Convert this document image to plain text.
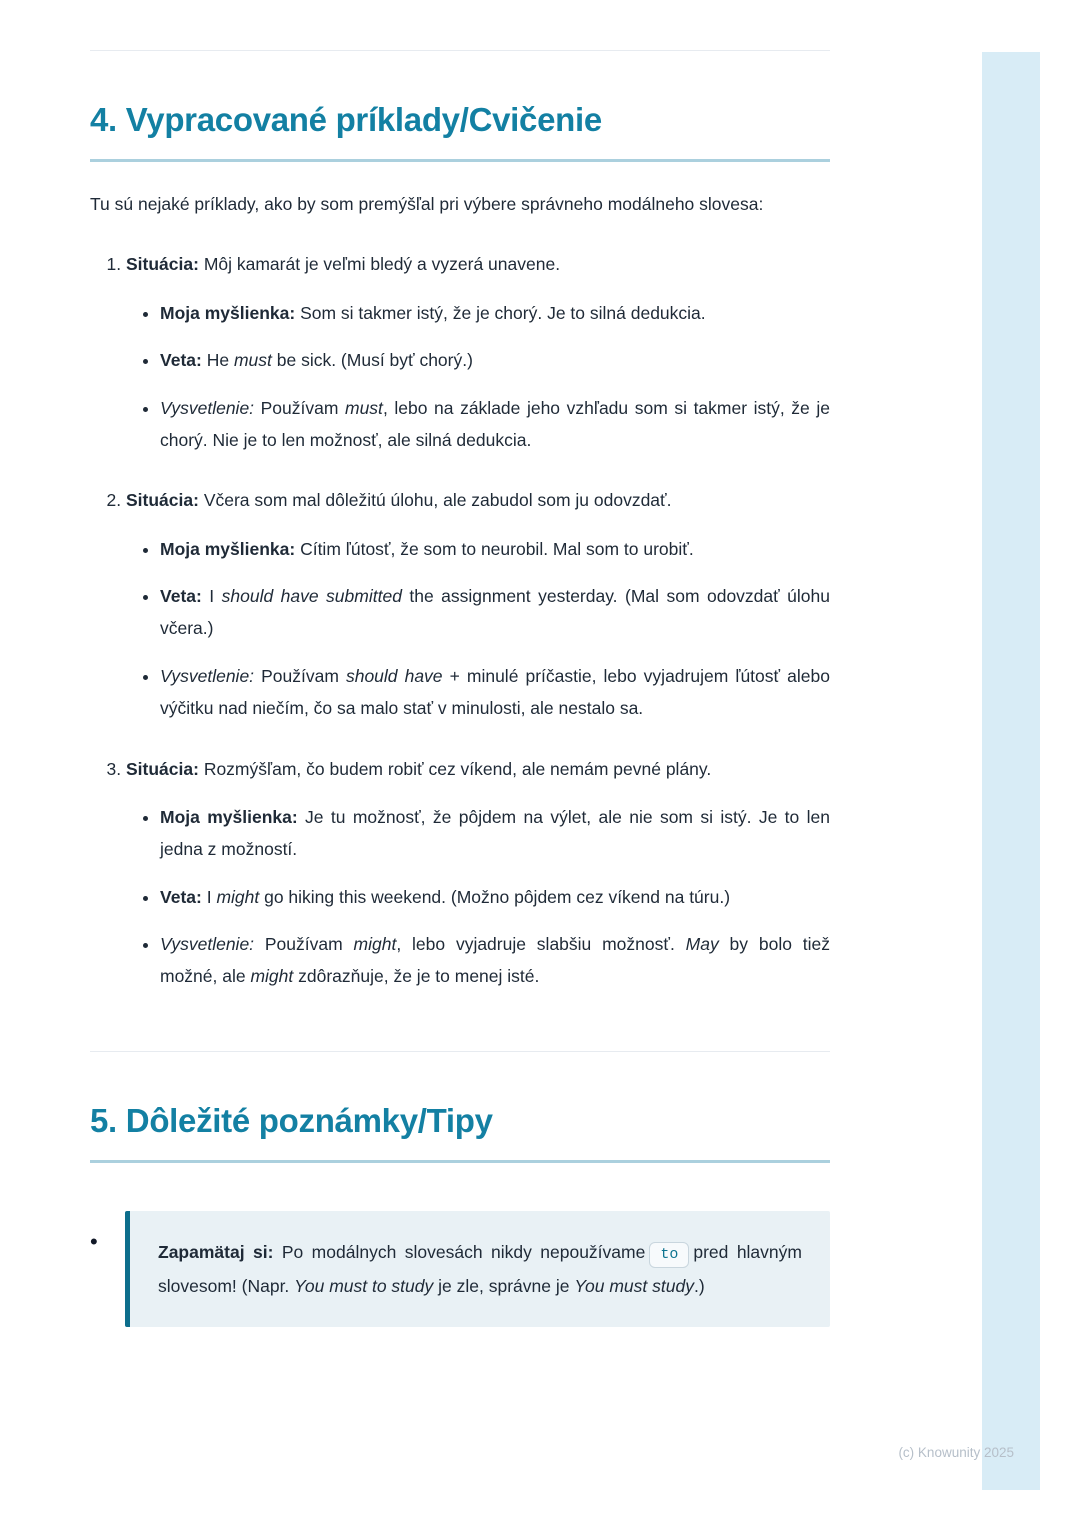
4. Vypracované príklady/Cvičenie

Tu sú nejaké príklady, ako by som premýšľal pri výbere správneho modálneho slovesa:

1. Situácia: Môj kamarát je veľmi bledý a vyzerá unavene.

• Moja myšlienka: Som si takmer istý, že je chorý. Je to silná dedukcia.

• Veta: He must be sick. (Musí byť chorý.)

• Vysvetlenie: Používam must, lebo na základe jeho vzhľadu som si takmer istý, že je chorý. Nie je to len možnosť, ale silná dedukcia.

2. Situácia: Včera som mal dôležitú úlohu, ale zabudol som ju odovzdať.

• Moja myšlienka: Cítim ľútosť, že som to neurobil. Mal som to urobiť.

• Veta: I should have submitted the assignment yesterday. (Mal som odovzdať úlohu včera.)

• Vysvetlenie: Používam should have + minulé príčastie, lebo vyjadrujem ľútosť alebo výčitku nad niečím, čo sa malo stať v minulosti, ale nestalo sa.

3. Situácia: Rozmýšľam, čo budem robiť cez víkend, ale nemám pevné plány.

• Moja myšlienka: Je tu možnosť, že pôjdem na výlet, ale nie som si istý. Je to len jedna z možností.

• Veta: I might go hiking this weekend. (Možno pôjdem cez víkend na túru.)

• Vysvetlenie: Používam might, lebo vyjadruje slabšiu možnosť. May by bolo tiež možné, ale might zdôrazňuje, že je to menej isté.

5. Dôležité poznámky/Tipy
•	Zapamätaj si: Po modálnych slovesách nikdy nepoužívame to pred hlavným slovesom! (Napr. You must to study je zle, správne je You must study.)

(c) Knowunity 2025
